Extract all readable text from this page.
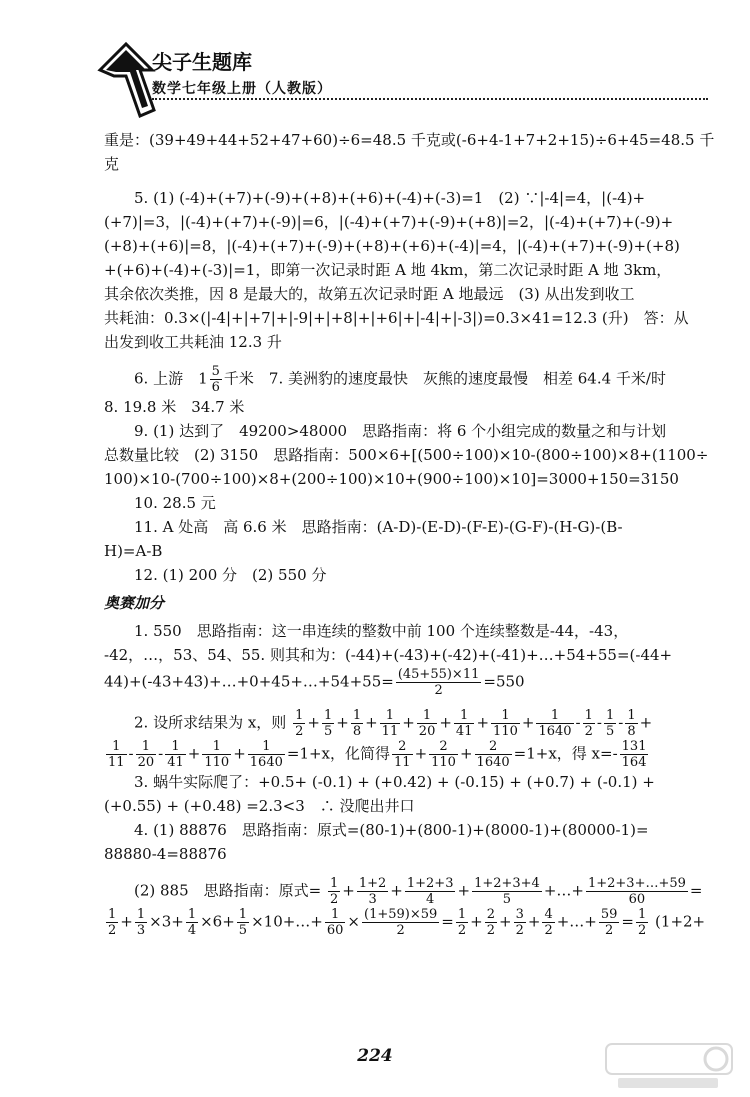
尖子生题库
数学七年级上册（人教版）

重是：(39+49+44+52+47+60)÷6=48.5 千克或(-6+4-1+7+2+15)÷6+45=48.5 千克

5. (1) (-4)+(+7)+(-9)+(+8)+(+6)+(-4)+(-3)=1　(2) ∵|-4|=4，|(-4)+

(+7)|=3，|(-4)+(+7)+(-9)|=6，|(-4)+(+7)+(-9)+(+8)|=2，|(-4)+(+7)+(-9)+

(+8)+(+6)|=8，|(-4)+(+7)+(-9)+(+8)+(+6)+(-4)|=4，|(-4)+(+7)+(-9)+(+8)

+(+6)+(-4)+(-3)|=1，即第一次记录时距 A 地 4km，第二次记录时距 A 地 3km，

其余依次类推，因 8 是最大的，故第五次记录时距 A 地最远　(3) 从出发到收工

共耗油：0.3×(|-4|+|+7|+|-9|+|+8|+|+6|+|-4|+|-3|)=0.3×41=12.3 (升)　答：从

出发到收工共耗油 12.3 升

6. 上游　$1 \frac{5}{6}$ 千米　7. 美洲豹的速度最快　灰熊的速度最慢　相差 64.4 千米/时

8. 19.8 米　34.7 米

9. (1) 达到了　49200>48000　思路指南：将 6 个小组完成的数量之和与计划

总数量比较　(2) 3150　思路指南：500×6+[(500÷100)×10-(800÷100)×8+(1100÷

100)×10-(700÷100)×8+(200÷100)×10+(900÷100)×10]=3000+150=3150

10. 28.5 元

11. A 处高　高 6.6 米　思路指南：(A-D)-(E-D)-(F-E)-(G-F)-(H-G)-(B-

H)=A-B

12. (1) 200 分　(2) 550 分

奥赛加分

1. 550　思路指南：这一串连续的整数中前 100 个连续整数是-44，-43，

-42，…，53、54、55. 则其和为：(-44)+(-43)+(-42)+(-41)+…+54+55=(-44+

44)+(-43+43)+…+0+45+…+54+55= $\frac{(45+55)\times 11}{2} =550$

2. 设所求结果为 x，则 $\frac{1}{2} + \frac{1}{5} + \frac{1}{8} + \frac{1}{11} + \frac{1}{20} + \frac{1}{41} + \frac{1}{110} + \frac{1}{1640} - \frac{1}{2} - \frac{1}{5} - \frac{1}{8}$ +

$\frac{1}{11} - \frac{1}{20} - \frac{1}{41} + \frac{1}{110} + \frac{1}{1640} =1+x$，化简得 $\frac{2}{11} + \frac{2}{110} + \frac{2}{1640} =1+x$，得 $x=- \frac{131}{164}$

3. 蜗牛实际爬了：+0.5+ (-0.1) + (+0.42) + (-0.15) + (+0.7) + (-0.1) +

(+0.55) + (+0.48) =2.3<3　∴ 没爬出井口

4. (1) 88876　思路指南：原式=(80-1)+(800-1)+(8000-1)+(80000-1)=

88880-4=88876

(2) 885　思路指南：原式= $\frac{1}{2} + \frac{1+2}{3} + \frac{1+2+3}{4} + \frac{1+2+3+4}{5}$ +…+ $\frac{1+2+3+\dots+59}{60}$ =

$\frac{1}{2} + \frac{1}{3} \times 3+ \frac{1}{4} \times 6+ \frac{1}{5}$ ×10+…+ $\frac{1}{60} \times \frac{(1+59)\times 59}{2} = \frac{1}{2} + \frac{2}{2} + \frac{3}{2} + \frac{4}{2}$ +…+ $\frac{59}{2} = \frac{1}{2} (1+2+$

224
